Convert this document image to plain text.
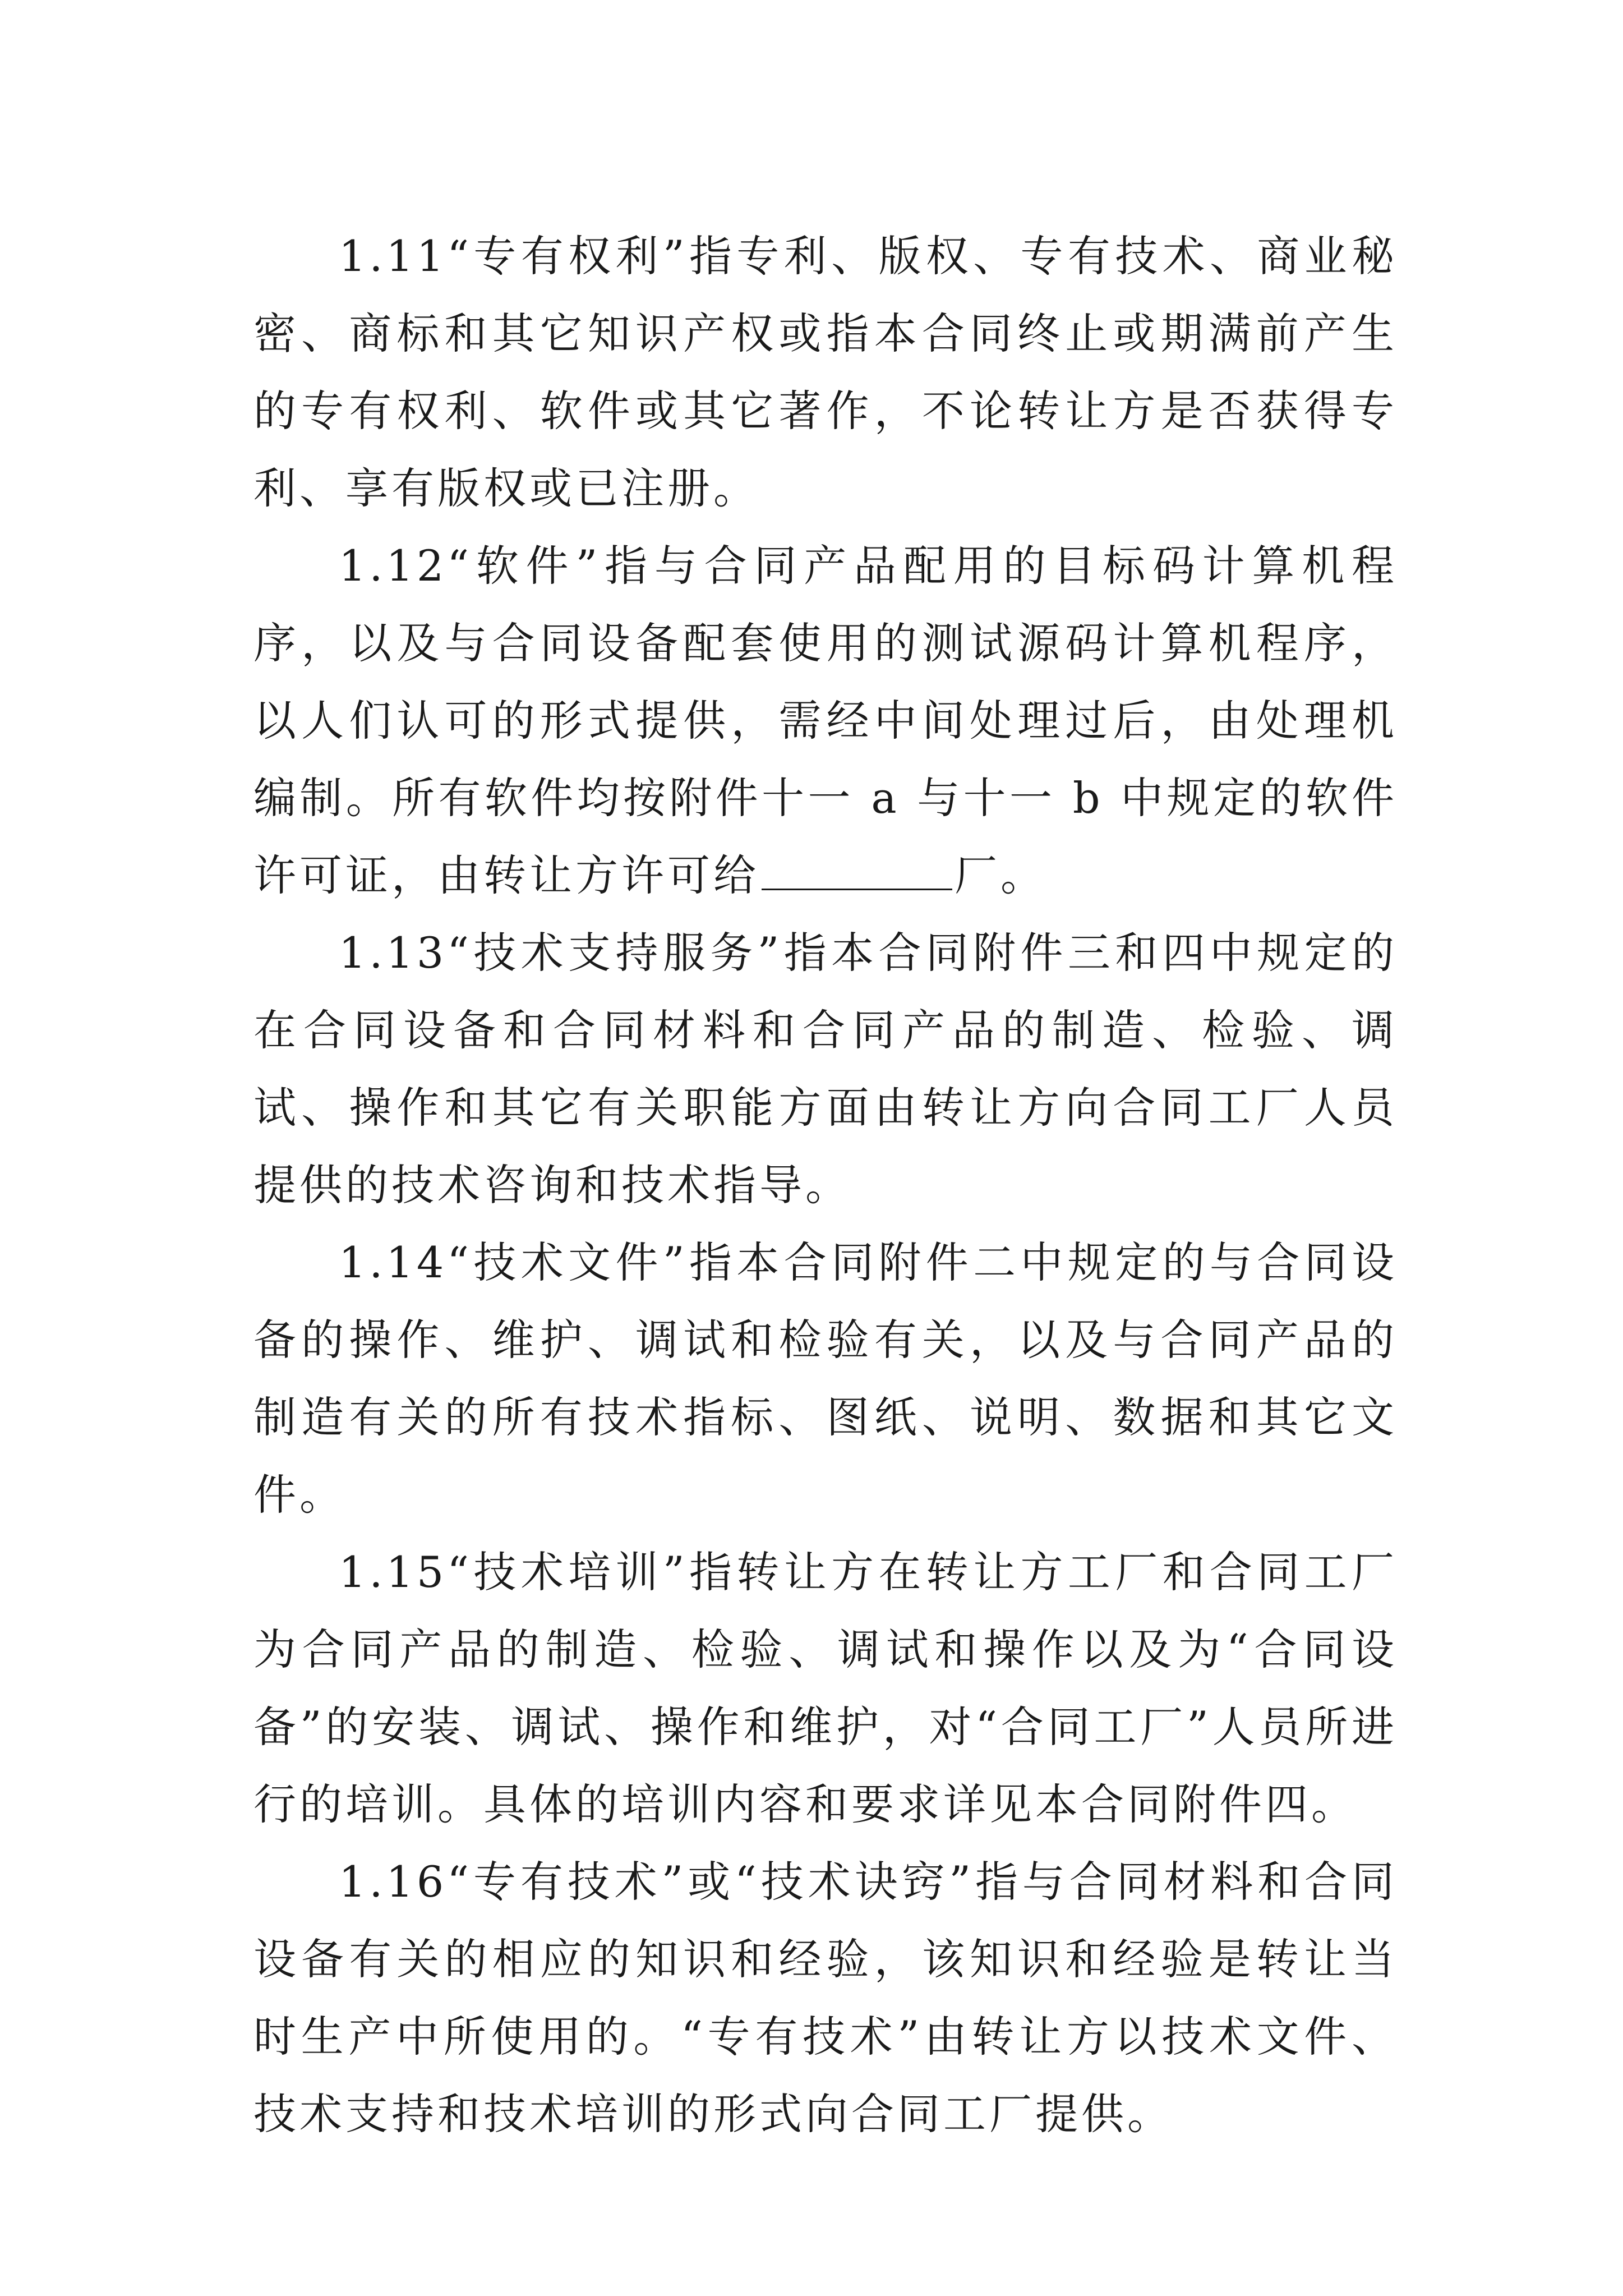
1.11“专有权利”指专利、版权、专有技术、商业秘密、商标和其它知识产权或指本合同终止或期满前产生的专有权利、软件或其它著作，不论转让方是否获得专利、享有版权或已注册。

1.12“软件”指与合同产品配用的目标码计算机程序，以及与合同设备配套使用的测试源码计算机程序，以人们认可的形式提供，需经中间处理过后，由处理机编制。所有软件均按附件十一 a 与十一 b 中规定的软件许可证，由转让方许可给	厂。

1.13“技术支持服务”指本合同附件三和四中规定的在合同设备和合同材料和合同产品的制造、检验、调试、操作和其它有关职能方面由转让方向合同工厂人员提供的技术咨询和技术指导。

1.14“技术文件”指本合同附件二中规定的与合同设备的操作、维护、调试和检验有关，以及与合同产品的制造有关的所有技术指标、图纸、说明、数据和其它文件。

1.15“技术培训”指转让方在转让方工厂和合同工厂为合同产品的制造、检验、调试和操作以及为“合同设备”的安装、调试、操作和维护，对“合同工厂”人员所进行的培训。具体的培训内容和要求详见本合同附件四。

1.16“专有技术”或“技术诀窍”指与合同材料和合同设备有关的相应的知识和经验，该知识和经验是转让当时生产中所使用的。“专有技术”由转让方以技术文件、技术支持和技术培训的形式向合同工厂提供。
